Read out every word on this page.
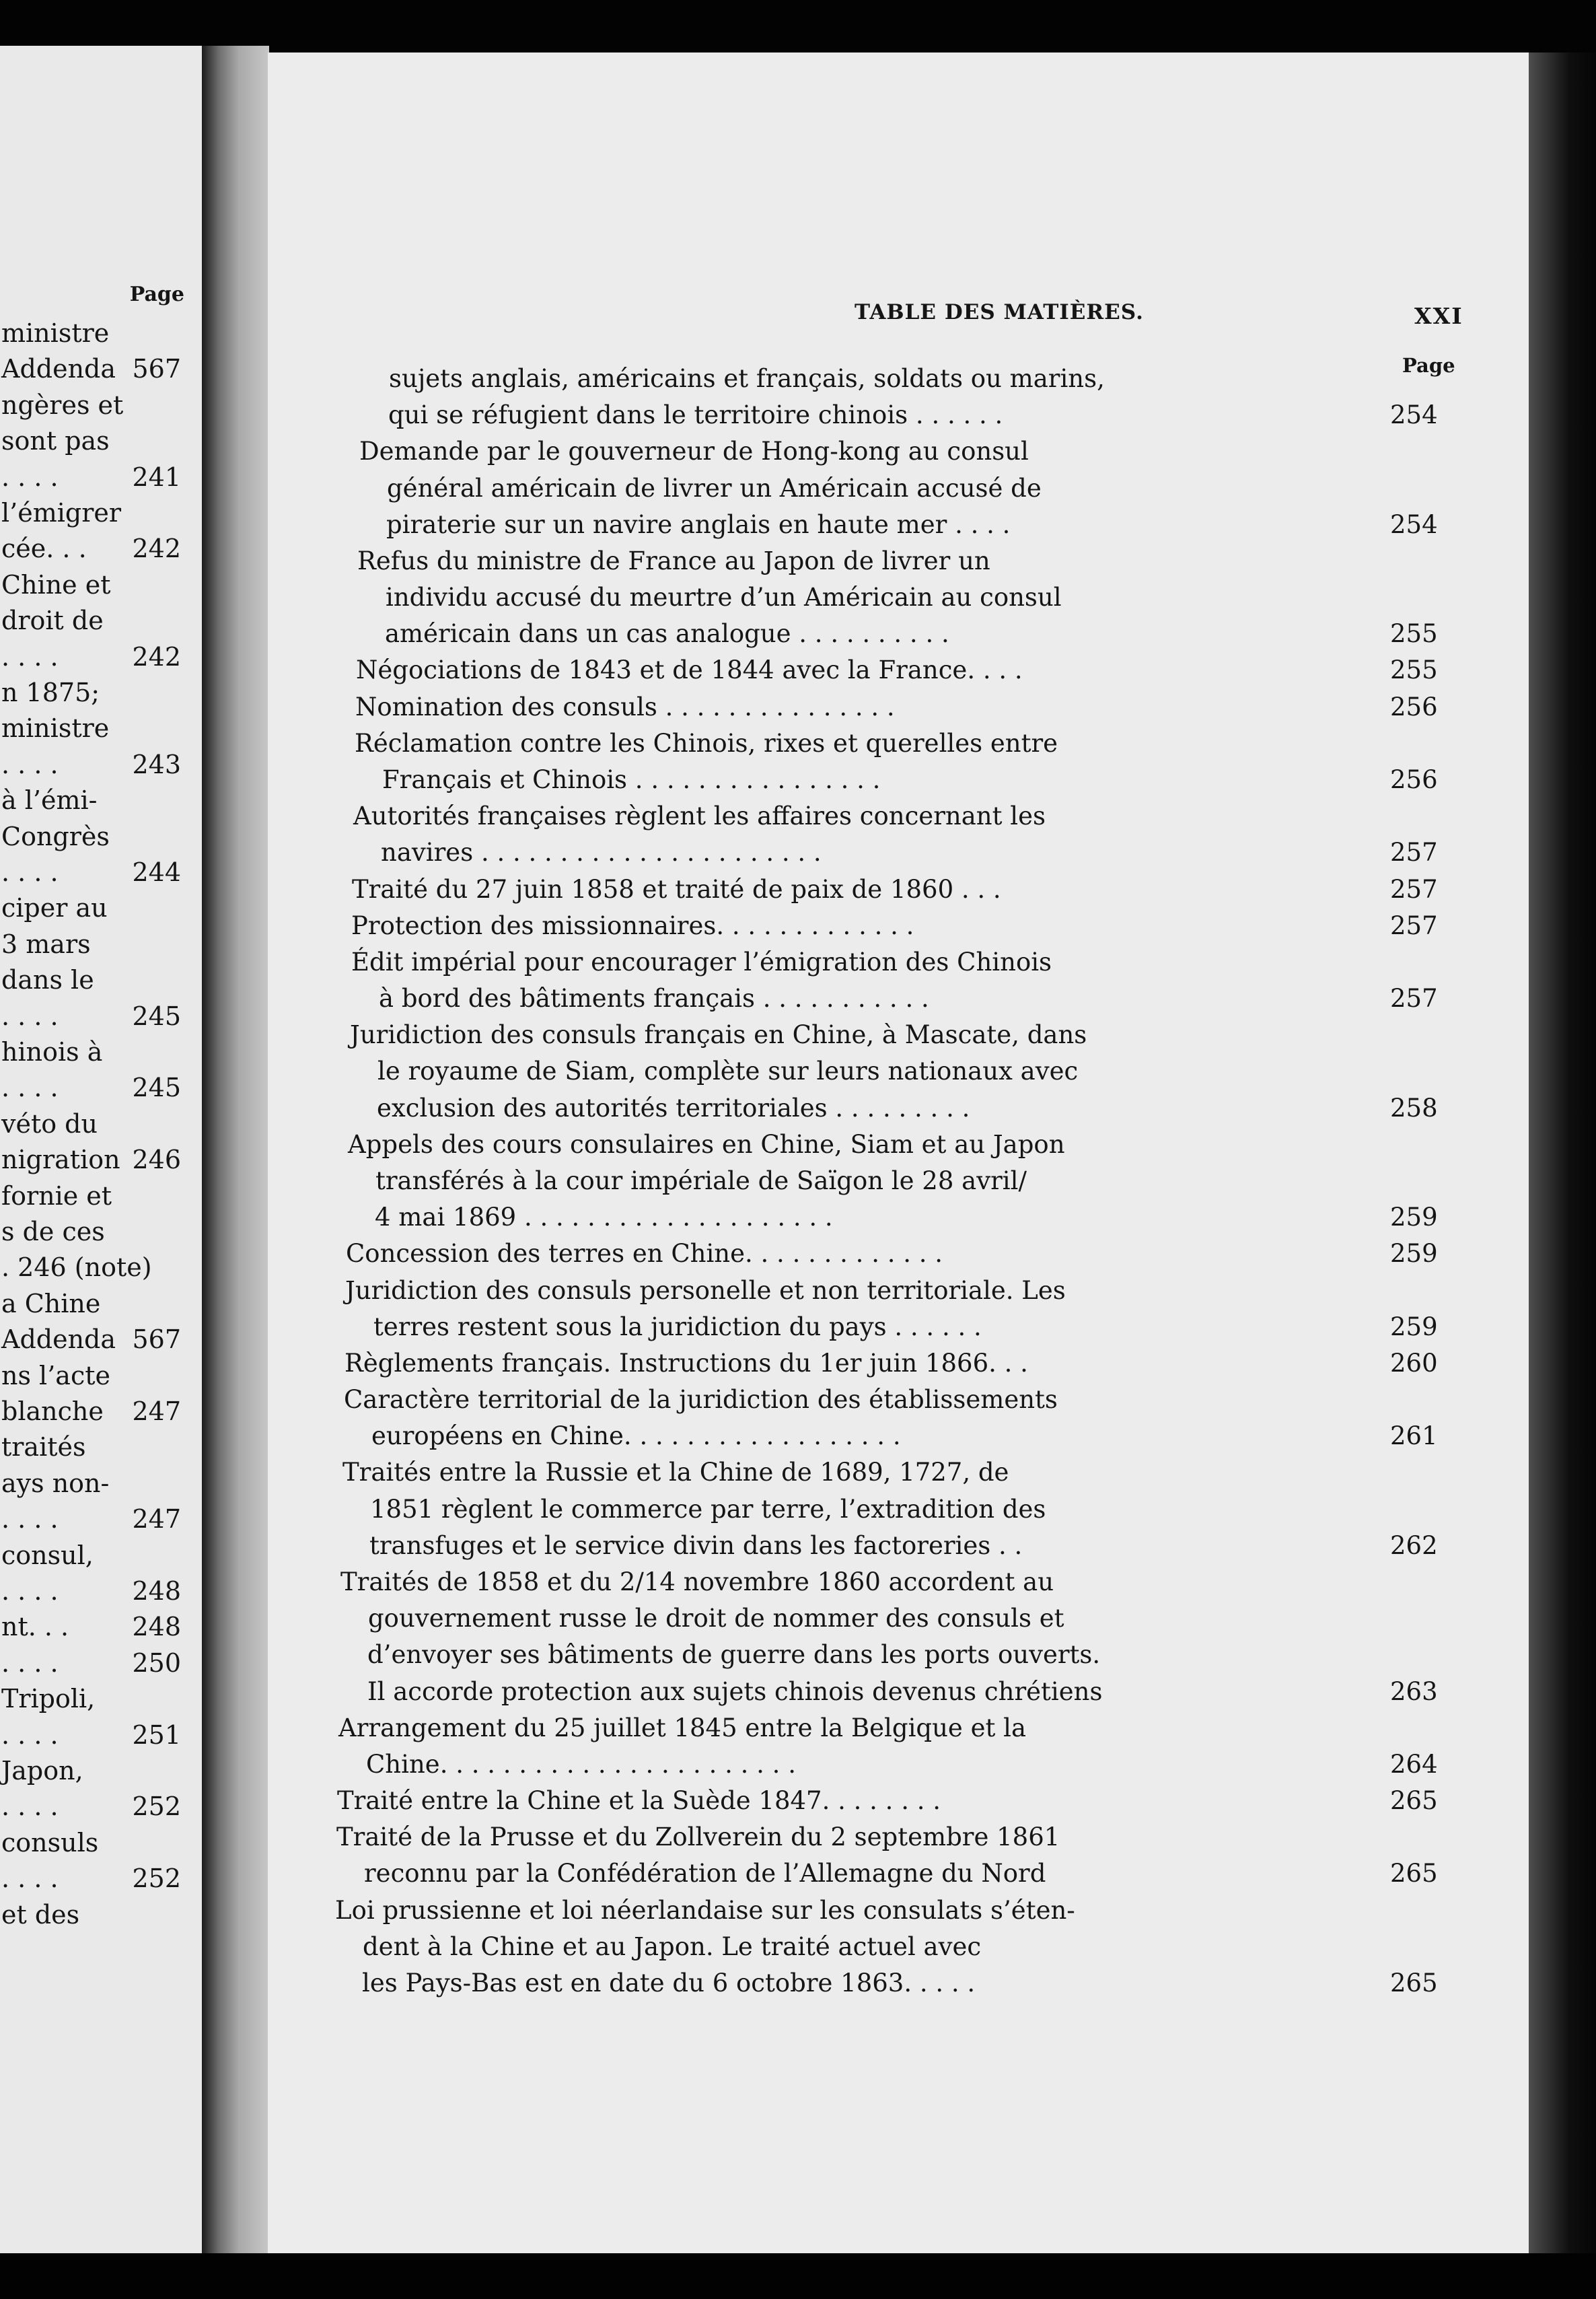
Page
ministre
Addenda 567
ngères et
sont pas
. . . .	241
l’émigrer
cée. . . 242
Chine et
droit de
. . . .	242
n 1875;
ministre
. . . .	243
à l’émi-
Congrès
. . . .	244
ciper au
3 mars
dans le
. . . .	245
hinois à
. . . .	245
véto du
nigration 246
fornie et
s de ces
. 246 (note)
a Chine
Addenda 567
ns l’acte
blanche 247
traités
ays non-
. . . .	247
consul,
. . . .	248
nt. . . 248
. . . .	250
Tripoli,
. . . .	251
Japon,
. . . .	252
consuls
. . . .	252
et des
TABLE DES MATIÈRES.	XXI
Page
sujets anglais, américains et français, soldats ou marins,
qui se réfugient dans le territoire chinois . . . . . .	254
Demande par le gouverneur de Hong-kong au consul
général américain de livrer un Américain accusé de
piraterie sur un navire anglais en haute mer . . . .	254
Refus du ministre de France au Japon de livrer un
individu accusé du meurtre d’un Américain au consul
américain dans un cas analogue . . . . . . . . . .	255
Négociations de 1843 et de 1844 avec la France. . . .	255
Nomination des consuls . . . . . . . . . . . . . . .	256
Réclamation contre les Chinois, rixes et querelles entre
Français et Chinois . . . . . . . . . . . . . . . .	256
Autorités françaises règlent les affaires concernant les
navires . . . . . . . . . . . . . . . . . . . . . .	257
Traité du 27 juin 1858 et traité de paix de 1860 . . .	257
Protection des missionnaires. . . . . . . . . . . . .	257
Édit impérial pour encourager l’émigration des Chinois
à bord des bâtiments français . . . . . . . . . . .	257
Juridiction des consuls français en Chine, à Mascate, dans
le royaume de Siam, complète sur leurs nationaux avec
exclusion des autorités territoriales . . . . . . . . .	258
Appels des cours consulaires en Chine, Siam et au Japon
transférés à la cour impériale de Saïgon le 28 avril/
4 mai 1869 . . . . . . . . . . . . . . . . . . . .	259
Concession des terres en Chine. . . . . . . . . . . . .	259
Juridiction des consuls personelle et non territoriale. Les
terres restent sous la juridiction du pays . . . . . .	259
Règlements français. Instructions du 1er juin 1866. . .	260
Caractère territorial de la juridiction des établissements
européens en Chine. . . . . . . . . . . . . . . . . .	261
Traités entre la Russie et la Chine de 1689, 1727, de
1851 règlent le commerce par terre, l’extradition des
transfuges et le service divin dans les factoreries . .	262
Traités de 1858 et du 2/14 novembre 1860 accordent au
gouvernement russe le droit de nommer des consuls et
d’envoyer ses bâtiments de guerre dans les ports ouverts.
Il accorde protection aux sujets chinois devenus chrétiens	263
Arrangement du 25 juillet 1845 entre la Belgique et la
Chine. . . . . . . . . . . . . . . . . . . . . . .	264
Traité entre la Chine et la Suède 1847. . . . . . . .	265
Traité de la Prusse et du Zollverein du 2 septembre 1861
reconnu par la Confédération de l’Allemagne du Nord	265
Loi prussienne et loi néerlandaise sur les consulats s’éten-
dent à la Chine et au Japon. Le traité actuel avec
les Pays-Bas est en date du 6 octobre 1863. . . . .	265
